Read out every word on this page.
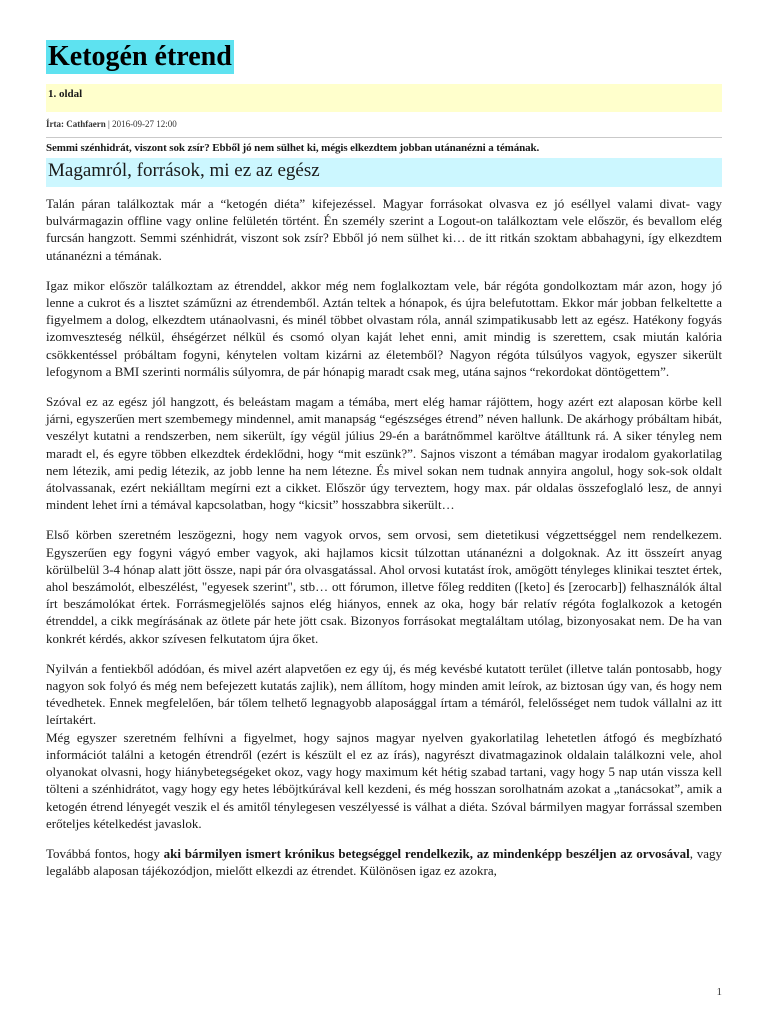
Ketogén étrend
1. oldal
Írta: Cathfaern | 2016-09-27 12:00
Semmi szénhidrát, viszont sok zsír? Ebből jó nem sülhet ki, mégis elkezdtem jobban utánanézni a témának.
Magamról, források, mi ez az egész

Talán páran találkoztak már a “ketogén diéta” kifejezéssel. Magyar forrásokat olvasva ez jó eséllyel valami divat- vagy bulvármagazin offline vagy online felületén történt. Én személy szerint a Logout-on találkoztam vele először, és bevallom elég furcsán hangzott. Semmi szénhidrát, viszont sok zsír? Ebből jó nem sülhet ki… de itt ritkán szoktam abbahagyni, így elkezdtem utánanézni a témának.

Igaz mikor először találkoztam az étrenddel, akkor még nem foglalkoztam vele, bár régóta gondolkoztam már azon, hogy jó lenne a cukrot és a lisztet száműzni az étrendemből. Aztán teltek a hónapok, és újra belefutottam. Ekkor már jobban felkeltette a figyelmem a dolog, elkezdtem utánaolvasni, és minél többet olvastam róla, annál szimpatikusabb lett az egész. Hatékony fogyás izomveszteség nélkül, éhségérzet nélkül és csomó olyan kaját lehet enni, amit mindig is szerettem, csak miután kalória csökkentéssel próbáltam fogyni, kénytelen voltam kizárni az életemből? Nagyon régóta túlsúlyos vagyok, egyszer sikerült lefogynom a BMI szerinti normális súlyomra, de pár hónapig maradt csak meg, utána sajnos “rekordokat döntögettem”.

Szóval ez az egész jól hangzott, és beleástam magam a témába, mert elég hamar rájöttem, hogy azért ezt alaposan körbe kell járni, egyszerűen mert szembemegy mindennel, amit manapság “egészséges étrend” néven hallunk. De akárhogy próbáltam hibát, veszélyt kutatni a rendszerben, nem sikerült, így végül július 29-én a barátnőmmel karöltve átálltunk rá. A siker tényleg nem maradt el, és egyre többen elkezdtek érdeklődni, hogy “mit eszünk?”. Sajnos viszont a témában magyar irodalom gyakorlatilag nem létezik, ami pedig létezik, az jobb lenne ha nem létezne. És mivel sokan nem tudnak annyira angolul, hogy sok-sok oldalt átolvassanak, ezért nekiálltam megírni ezt a cikket. Először úgy terveztem, hogy max. pár oldalas összefoglaló lesz, de annyi mindent lehet írni a témával kapcsolatban, hogy “kicsit” hosszabbra sikerült…

Első körben szeretném leszögezni, hogy nem vagyok orvos, sem orvosi, sem dietetikusi végzettséggel nem rendelkezem. Egyszerűen egy fogyni vágyó ember vagyok, aki hajlamos kicsit túlzottan utánanézni a dolgoknak. Az itt összeírt anyag körülbelül 3-4 hónap alatt jött össze, napi pár óra olvasgatással. Ahol orvosi kutatást írok, amögött tényleges klinikai tesztet értek, ahol beszámolót, elbeszélést, "egyesek szerint", stb… ott fórumon, illetve főleg redditen ([keto] és [zerocarb]) felhasználók által írt beszámolókat értek. Forrásmegjelölés sajnos elég hiányos, ennek az oka, hogy bár relatív régóta foglalkozok a ketogén étrenddel, a cikk megírásának az ötlete pár hete jött csak. Bizonyos forrásokat megtaláltam utólag, bizonyosakat nem. De ha van konkrét kérdés, akkor szívesen felkutatom újra őket.

Nyilván a fentiekből adódóan, és mivel azért alapvetően ez egy új, és még kevésbé kutatott terület (illetve talán pontosabb, hogy nagyon sok folyó és még nem befejezett kutatás zajlik), nem állítom, hogy minden amit leírok, az biztosan úgy van, és hogy nem tévedhetek. Ennek megfelelően, bár tőlem telhető legnagyobb alaposággal írtam a témáról, felelősséget nem tudok vállalni az itt leírtakért.

Még egyszer szeretném felhívni a figyelmet, hogy sajnos magyar nyelven gyakorlatilag lehetetlen átfogó és megbízható információt találni a ketogén étrendről (ezért is készült el ez az írás), nagyrészt divatmagazinok oldalain találkozni vele, ahol olyanokat olvasni, hogy hiánybetegségeket okoz, vagy hogy maximum két hétig szabad tartani, vagy hogy 5 nap után vissza kell tölteni a szénhidrátot, vagy hogy egy hetes léböjtkúrával kell kezdeni, és még hosszan sorolhatnám azokat a „tanácsokat”, amik a ketogén étrend lényegét veszik el és amitől ténylegesen veszélyessé is válhat a diéta. Szóval bármilyen magyar forrással szemben erőteljes kételkedést javaslok.

Továbbá fontos, hogy aki bármilyen ismert krónikus betegséggel rendelkezik, az mindenképp beszéljen az orvosával, vagy legalább alaposan tájékozódjon, mielőtt elkezdi az étrendet. Különösen igaz ez azokra,

1
